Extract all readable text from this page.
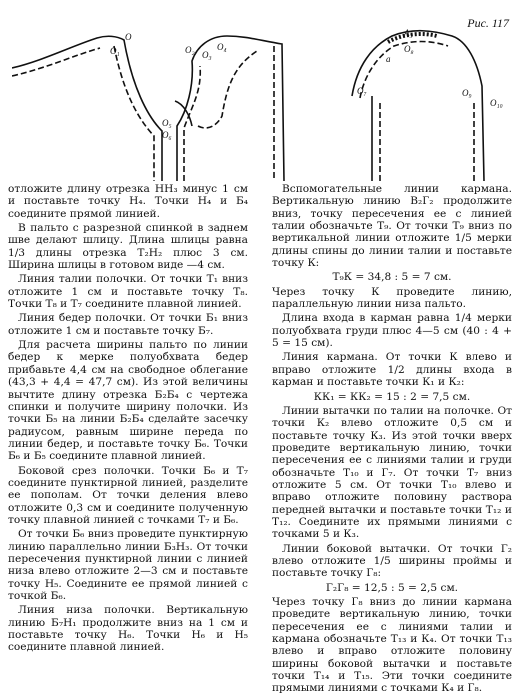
О
О₁	О₂ О₃
О₄
О₅
О₆
О₇
О₈
О₉
О₁₀
А₃
а
Рис. 117

отложите длину отрезка НН₃ минус 1 см и поставьте точку Н₄. Точки Н₄ и Б₄ соедините прямой линией.

В пальто с разрезной спинкой в заднем шве делают шлицу. Длина шлицы равна 1/3 длины отрезка Т₂Н₂ плюс 3 см. Ширина шлицы в готовом виде —4 см.

Линия талии полочки. От точки Т₁ вниз отложите 1 см и поставьте точку Т₈. Точки Т₈ и Т₇ соедините плавной линией.

Линия бедер полочки. От точки Б₁ вниз отложите 1 см и поставьте точку Б₇.

Для расчета ширины пальто по линии бедер к мерке полуобхвата бедер прибавьте 4,4 см на свободное облегание (43,3 + 4,4 = 47,7 см). Из этой величины вычтите длину отрезка Б₂Б₄ с чертежа спинки и получите ширину полочки. Из точки Б₅ на линии Б₂Б₄ сделайте засечку радиусом, равным ширине переда по линии бедер, и поставьте точку Б₆. Точки Б₆ и Б₅ соедините плавной линией.

Боковой срез полочки. Точки Б₆ и Т₇ соедините пунктирной линией, разделите ее пополам. От точки деления влево отложите 0,3 см и соедините полученную точку плавной линией с точками Т₇ и Б₆.

От точки Б₆ вниз проведите пунктирную линию параллельно линии Б₃Н₃. От точки пересечения пунктирной линии с линией низа влево отложите 2—3 см и поставьте точку Н₅. Соедините ее прямой линией с точкой Б₆.

Линия низа полочки. Вертикальную линию Б₇Н₁ продолжите вниз на 1 см и поставьте точку Н₆. Точки Н₆ и Н₅ соедините плавной линией.

Вспомогательные линии кармана. Вертикальную линию В₂Г₂ продолжите вниз, точку пересечения ее с линией талии обозначьте Т₉. От точки Т₉ вниз по вертикальной линии отложите 1/5 мерки длины спины до линии талии и поставьте точку К:

Т₉К = 34,8 : 5 = 7 см.

Через точку К проведите линию, параллельную линии низа пальто.

Длина входа в карман равна 1/4 мерки полуобхвата груди плюс 4—5 см (40 : 4 + 5 = 15 см).

Линия кармана. От точки К влево и вправо отложите 1/2 длины входа в карман и поставьте точки К₁ и К₂:

КК₁ = КК₂ = 15 : 2 = 7,5 см.

Линии вытачки по талии на полочке. От точки К₂ влево отложите 0,5 см и поставьте точку К₃. Из этой точки вверх проведите вертикальную линию, точки пересечения ее с линиями талии и груди обозначьте Т₁₀ и Г₇. От точки Т₇ вниз отложите 5 см. От точки Т₁₀ влево и вправо отложите половину раствора передней вытачки и поставьте точки Т₁₂ и Т₁₂. Соедините их прямыми линиями с точками 5 и К₃.

Линии боковой вытачки. От точки Г₂ влево отложите 1/5 ширины проймы и поставьте точку Г₈:

Г₂Г₈ = 12,5 : 5 = 2,5 см.

Через точку Г₈ вниз до линии кармана проведите вертикальную линию, точки пересечения ее с линиями талии и кармана обозначьте Т₁₃ и К₄. От точки Т₁₃ влево и вправо отложите половину ширины боковой вытачки и поставьте точки Т₁₄ и Т₁₅. Эти точки соедините прямыми линиями с точками К₄ и Г₈.
